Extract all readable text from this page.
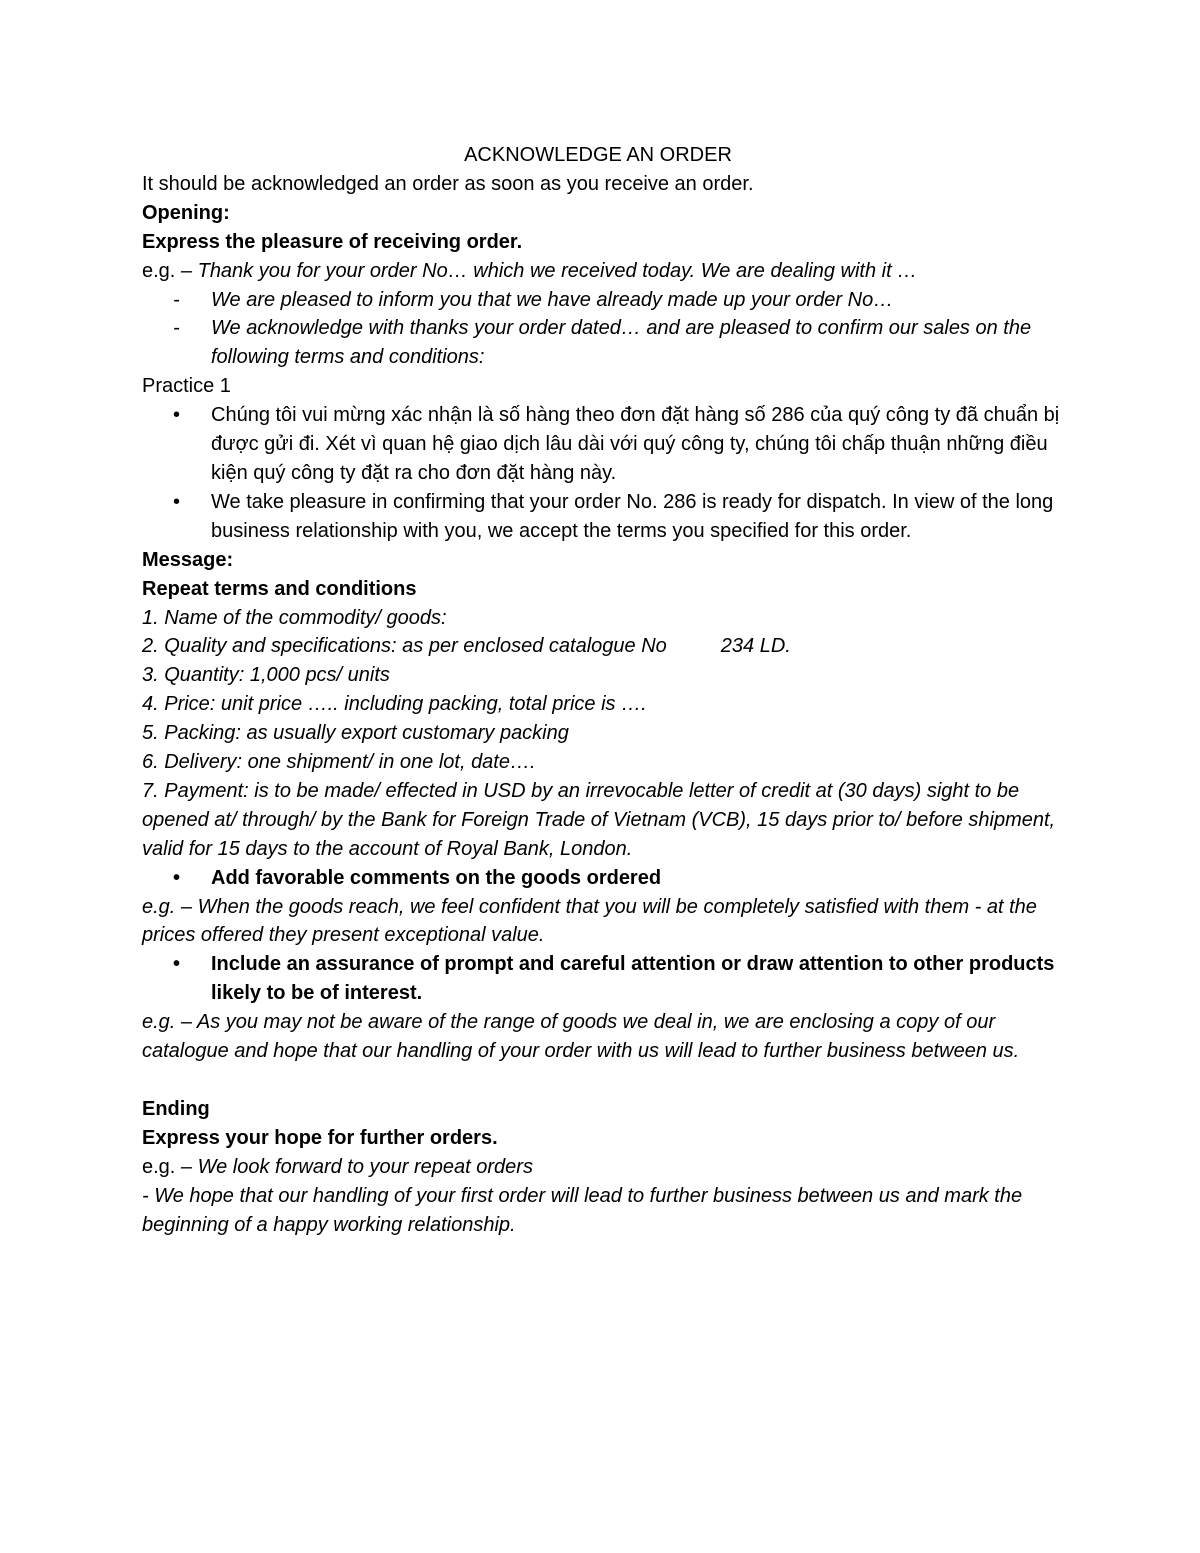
ACKNOWLEDGE AN ORDER

It should be acknowledged an order as soon as you receive an order.

Opening:

Express the pleasure of receiving order.

e.g. – Thank you for your order No… which we received today. We are dealing with it …

- We are pleased to inform you that we have already made up your order No…
- We acknowledge with thanks your order dated… and are pleased to confirm our sales on the following terms and conditions:

Practice 1

• Chúng tôi vui mừng xác nhận là số hàng theo đơn đặt hàng số 286 của quý công ty đã chuẩn bị được gửi đi. Xét vì quan hệ giao dịch lâu dài với quý công ty, chúng tôi chấp thuận những điều kiện quý công ty đặt ra cho đơn đặt hàng này.
• We take pleasure in confirming that your order No. 286 is ready for dispatch. In view of the long business relationship with you, we accept the terms you specified for this order.

Message:

Repeat terms and conditions

1. Name of the commodity/ goods:

2. Quality and specifications: as per enclosed catalogue No	234 LD.

3. Quantity: 1,000 pcs/ units

4. Price: unit price ….. including packing, total price is ….

5. Packing: as usually export customary packing

6. Delivery: one shipment/ in one lot, date….

7. Payment: is to be made/ effected in USD by an irrevocable letter of credit at (30 days) sight to be opened at/ through/ by the Bank for Foreign Trade of Vietnam (VCB), 15 days prior to/ before shipment, valid for 15 days to the account of Royal Bank, London.

• Add favorable comments on the goods ordered

e.g. – When the goods reach, we feel confident that you will be completely satisfied with them - at the prices offered they present exceptional value.

• Include an assurance of prompt and careful attention or draw attention to other products likely to be of interest.

e.g. – As you may not be aware of the range of goods we deal in, we are enclosing a copy of our catalogue and hope that our handling of your order with us will lead to further business between us.

Ending

Express your hope for further orders.

e.g. – We look forward to your repeat orders

- We hope that our handling of your first order will lead to further business between us and mark the beginning of a happy working relationship.
